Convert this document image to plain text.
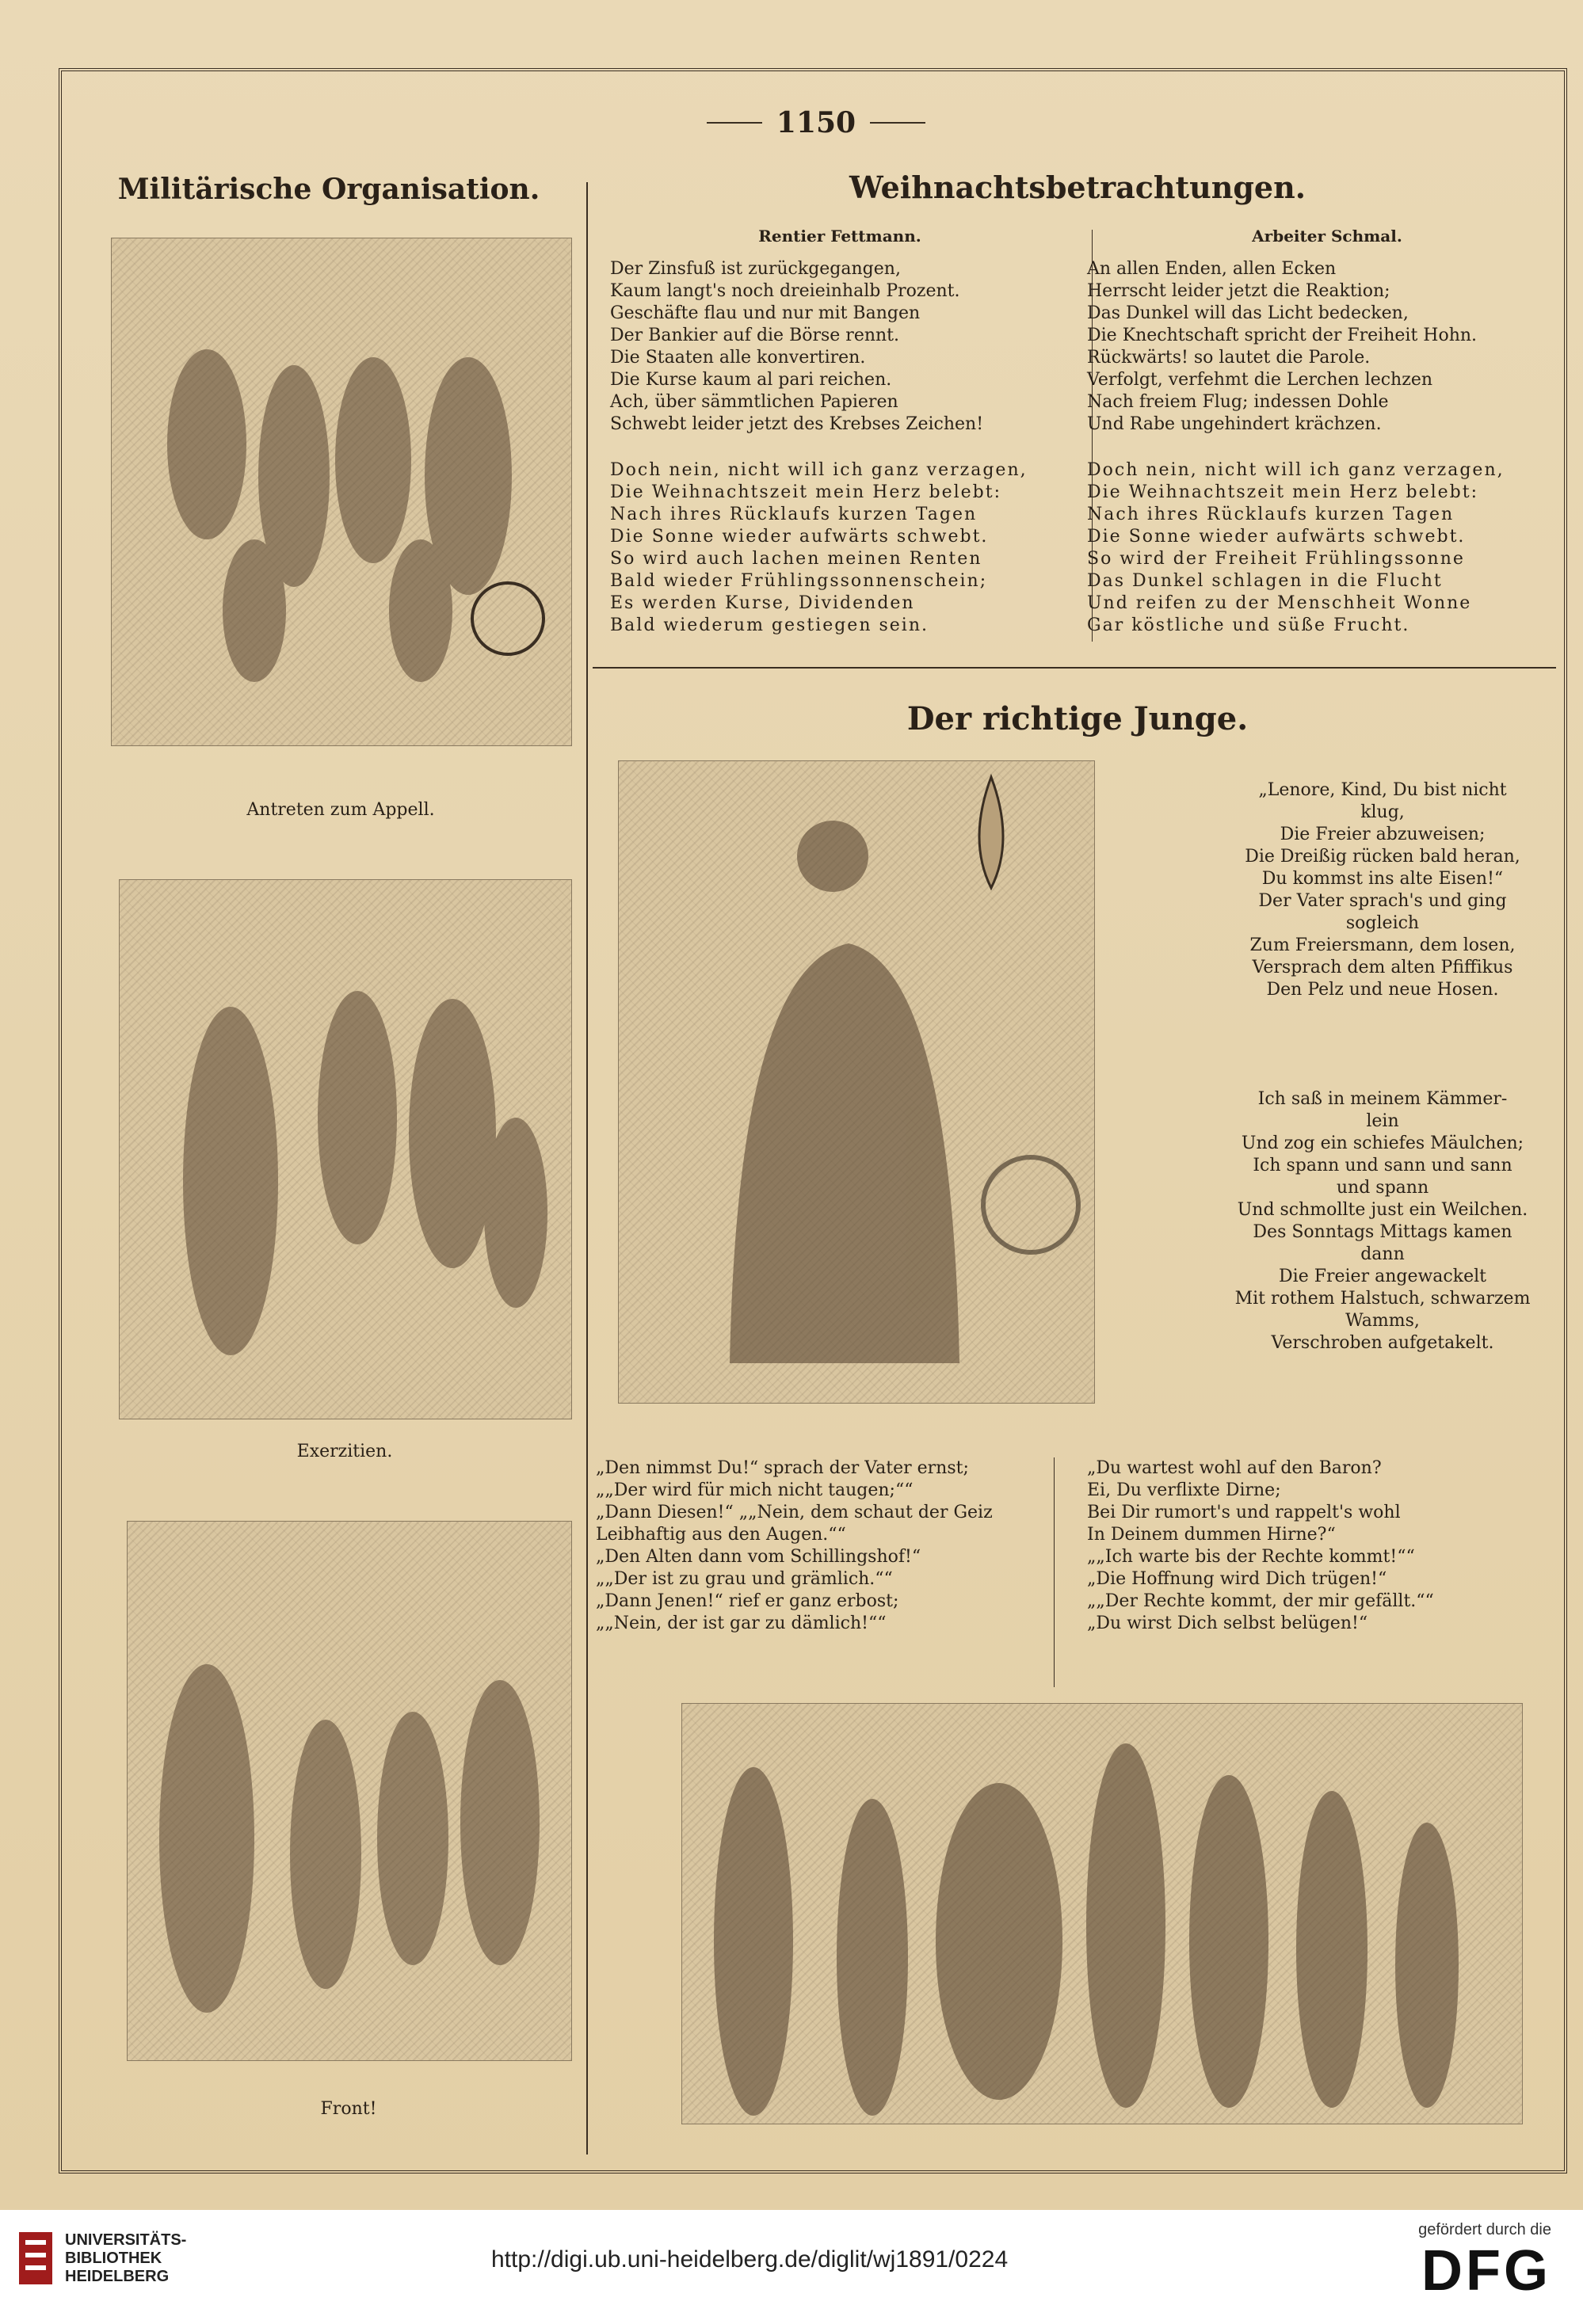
1150
Militärische Organisation.
Antreten zum Appell.
Exerzitien.
Front!
Weihnachtsbetrachtungen.
Rentier Fettmann.
Der Zinsfuß ist zurückgegangen,
Kaum langt's noch dreieinhalb Prozent.
Geschäfte flau und nur mit Bangen
Der Bankier auf die Börse rennt.
Die Staaten alle konvertiren.
Die Kurse kaum al pari reichen.
Ach, über sämmtlichen Papieren
Schwebt leider jetzt des Krebses Zeichen!
Doch nein, nicht will ich ganz verzagen,
Die Weihnachtszeit mein Herz belebt:
Nach ihres Rücklaufs kurzen Tagen
Die Sonne wieder aufwärts schwebt.
So wird auch lachen meinen Renten
Bald wieder Frühlingssonnenschein;
Es werden Kurse, Dividenden
Bald wiederum gestiegen sein.
Arbeiter Schmal.
An allen Enden, allen Ecken
Herrscht leider jetzt die Reaktion;
Das Dunkel will das Licht bedecken,
Die Knechtschaft spricht der Freiheit Hohn.
Rückwärts! so lautet die Parole.
Verfolgt, verfehmt die Lerchen lechzen
Nach freiem Flug; indessen Dohle
Und Rabe ungehindert krächzen.
Doch nein, nicht will ich ganz verzagen,
Die Weihnachtszeit mein Herz belebt:
Nach ihres Rücklaufs kurzen Tagen
Die Sonne wieder aufwärts schwebt.
So wird der Freiheit Frühlingssonne
Das Dunkel schlagen in die Flucht
Und reifen zu der Menschheit Wonne
Gar köstliche und süße Frucht.
Der richtige Junge.
„Lenore, Kind, Du bist nicht
klug,
Die Freier abzuweisen;
Die Dreißig rücken bald heran,
Du kommst ins alte Eisen!“
Der Vater sprach's und ging
sogleich
Zum Freiersmann, dem losen,
Versprach dem alten Pfiffikus
Den Pelz und neue Hosen.
Ich saß in meinem Kämmer-
lein
Und zog ein schiefes Mäulchen;
Ich spann und sann und sann
und spann
Und schmollte just ein Weilchen.
Des Sonntags Mittags kamen
dann
Die Freier angewackelt
Mit rothem Halstuch, schwarzem
Wamms,
Verschroben aufgetakelt.
„Den nimmst Du!“ sprach der Vater ernst;
„„Der wird für mich nicht taugen;““
„Dann Diesen!“ „„Nein, dem schaut der Geiz
Leibhaftig aus den Augen.““
„Den Alten dann vom Schillingshof!“
„„Der ist zu grau und grämlich.““
„Dann Jenen!“ rief er ganz erbost;
„„Nein, der ist gar zu dämlich!““
„Du wartest wohl auf den Baron?
Ei, Du verflixte Dirne;
Bei Dir rumort's und rappelt's wohl
In Deinem dummen Hirne?“
„„Ich warte bis der Rechte kommt!““
„Die Hoffnung wird Dich trügen!“
„„Der Rechte kommt, der mir gefällt.““
„Du wirst Dich selbst belügen!“
UNIVERSITÄTS-
BIBLIOTHEK
HEIDELBERG
http://digi.ub.uni-heidelberg.de/diglit/wj1891/0224
gefördert durch die
DFG
